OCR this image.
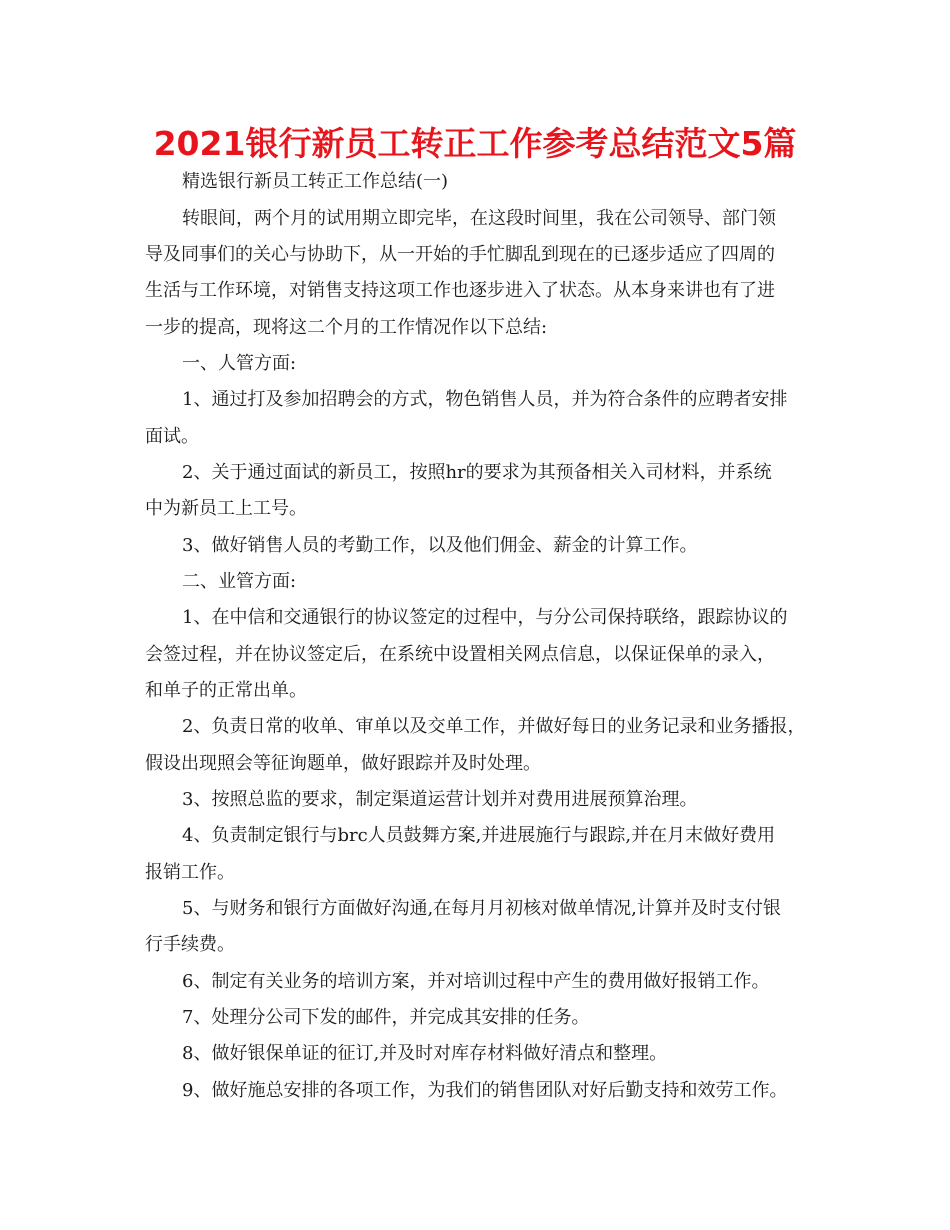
2021银行新员工转正工作参考总结范文5篇

精选银行新员工转正工作总结(一)

转眼间，两个月的试用期立即完毕，在这段时间里，我在公司领导、部门领

导及同事们的关心与协助下，从一开始的手忙脚乱到现在的已逐步适应了四周的

生活与工作环境，对销售支持这项工作也逐步进入了状态。从本身来讲也有了进

一步的提高，现将这二个月的工作情况作以下总结:

一、人管方面:

1、通过打及参加招聘会的方式，物色销售人员，并为符合条件的应聘者安排

面试。

2、关于通过面试的新员工，按照hr的要求为其预备相关入司材料，并系统

中为新员工上工号。

3、做好销售人员的考勤工作，以及他们佣金、薪金的计算工作。

二、业管方面:

1、在中信和交通银行的协议签定的过程中，与分公司保持联络，跟踪协议的

会签过程，并在协议签定后，在系统中设置相关网点信息，以保证保单的录入，

和单子的正常出单。

2、负责日常的收单、审单以及交单工作，并做好每日的业务记录和业务播报，

假设出现照会等征询题单，做好跟踪并及时处理。

3、按照总监的要求，制定渠道运营计划并对费用进展预算治理。

4、负责制定银行与brc人员鼓舞方案,并进展施行与跟踪,并在月末做好费用

报销工作。

5、与财务和银行方面做好沟通,在每月月初核对做单情况,计算并及时支付银

行手续费。

6、制定有关业务的培训方案，并对培训过程中产生的费用做好报销工作。

7、处理分公司下发的邮件，并完成其安排的任务。

8、做好银保单证的征订,并及时对库存材料做好清点和整理。

9、做好施总安排的各项工作，为我们的销售团队对好后勤支持和效劳工作。
